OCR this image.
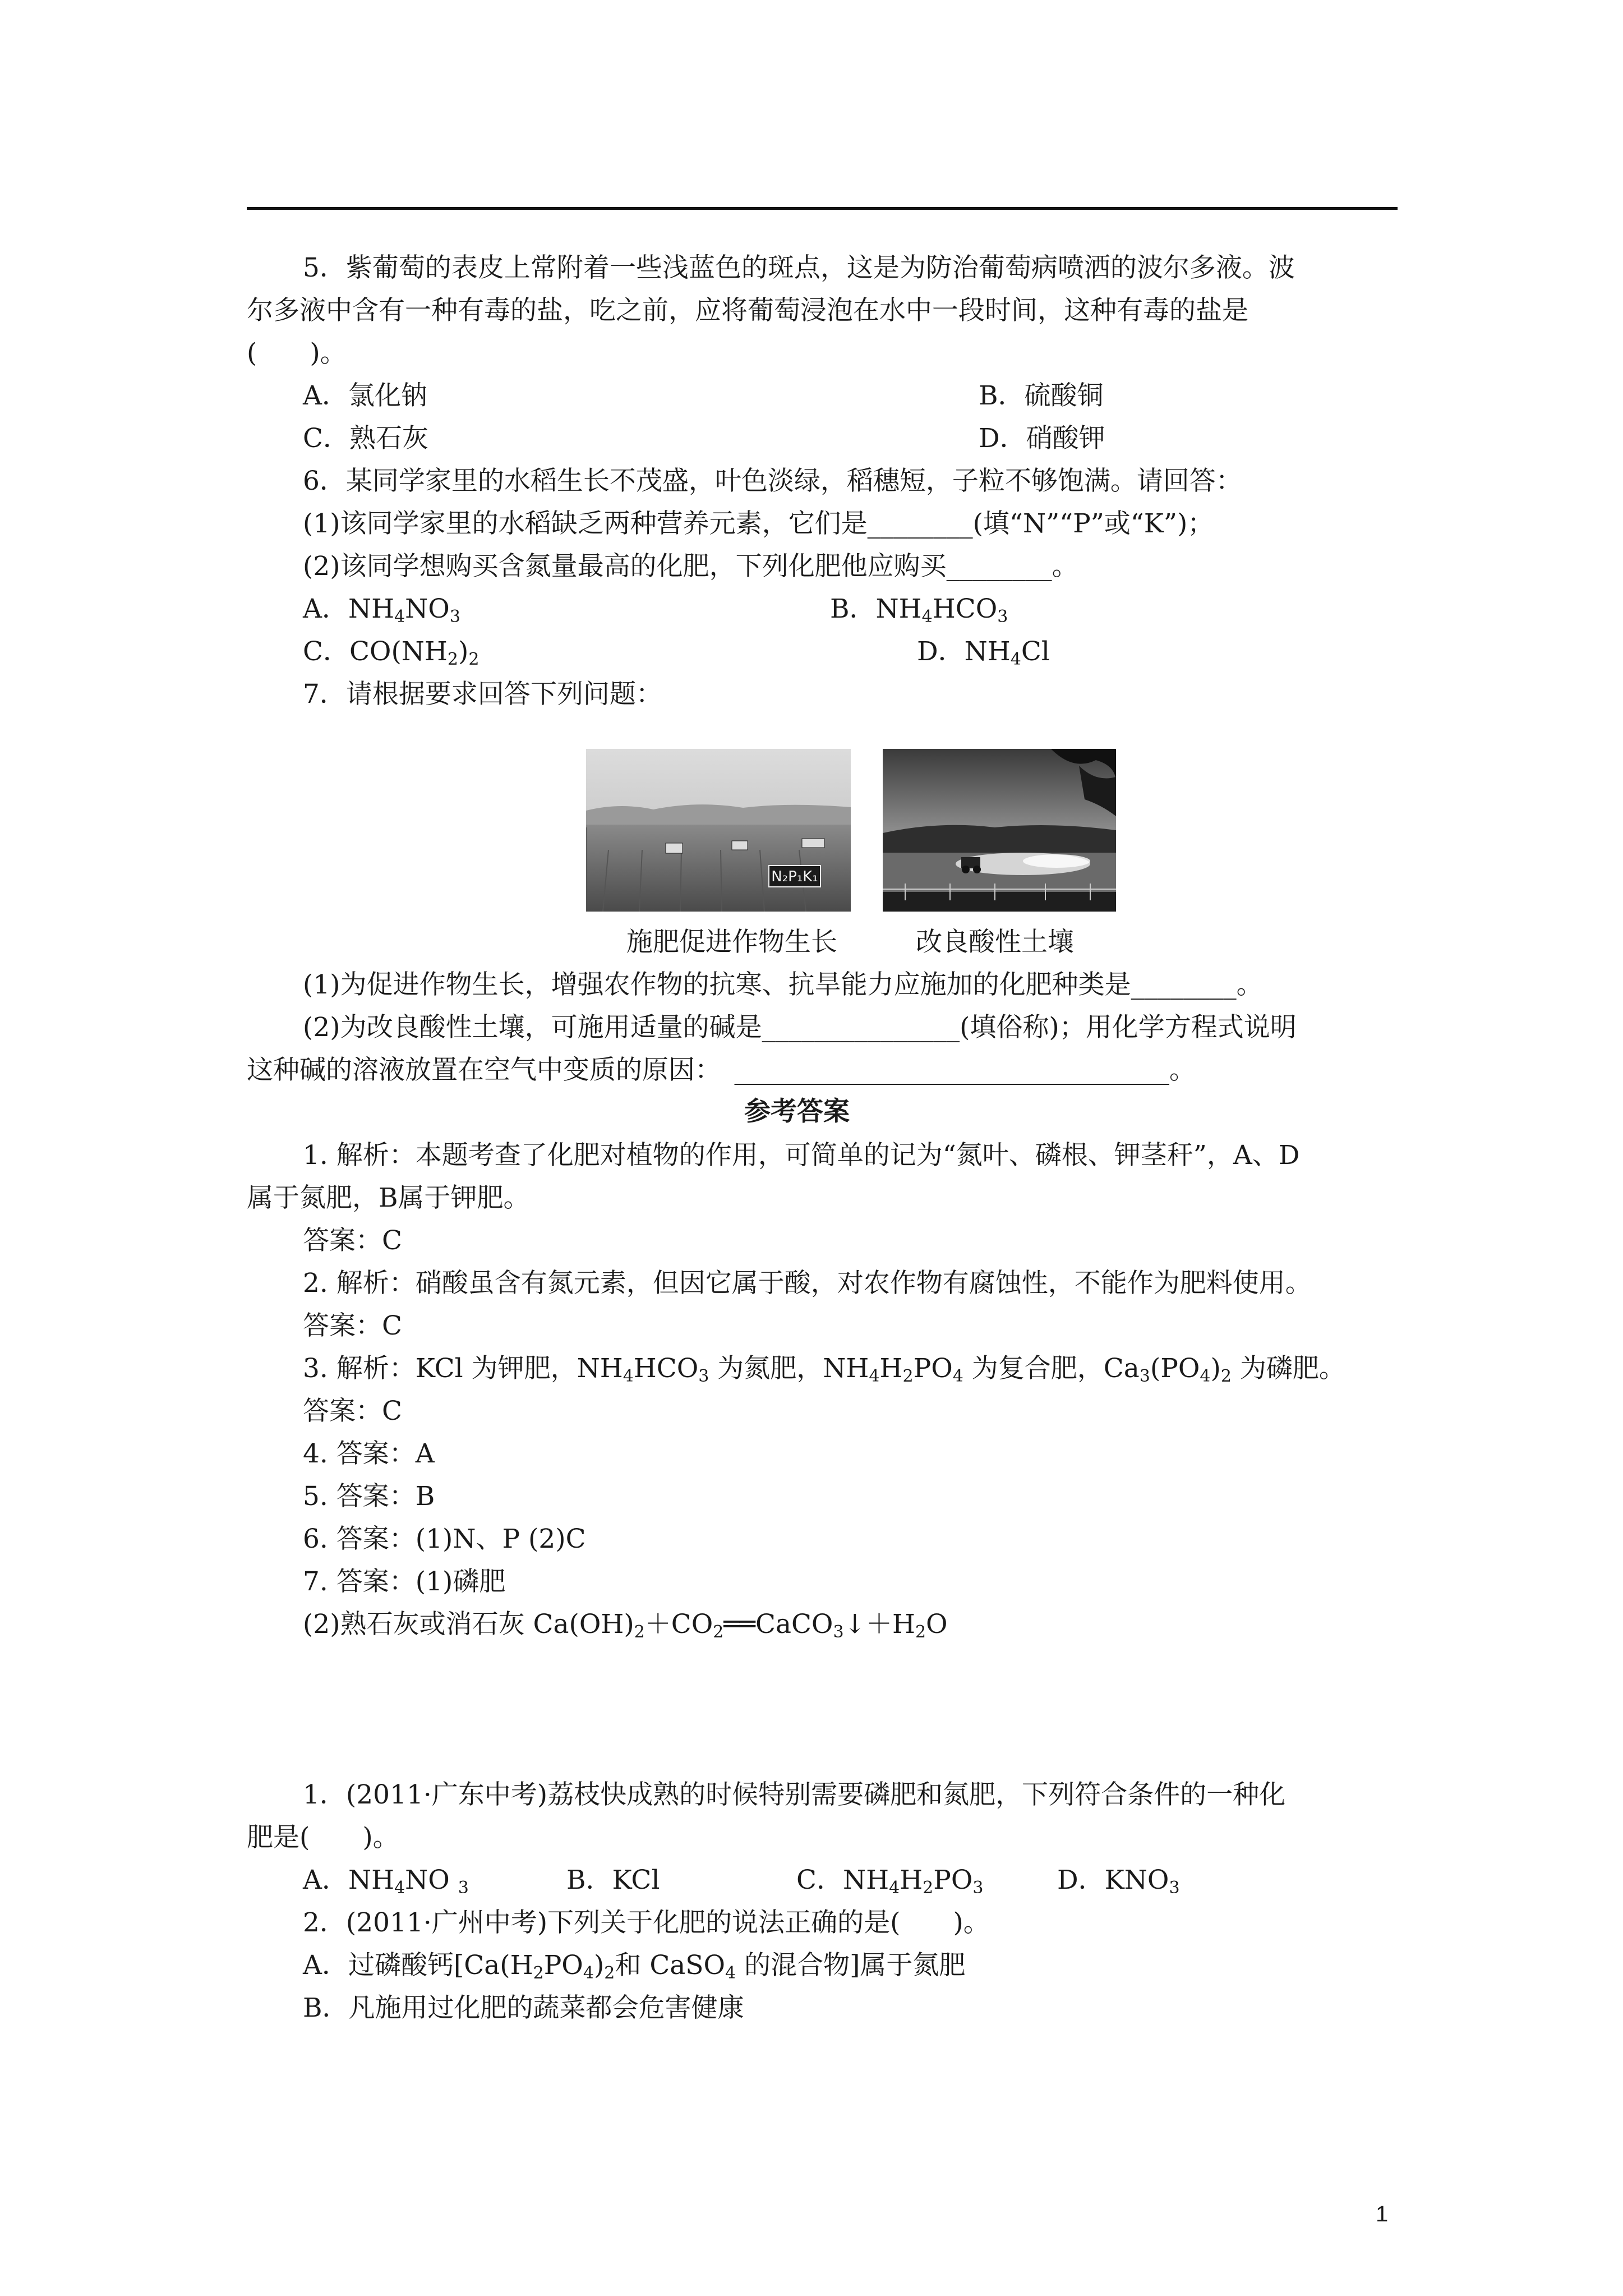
5．紫葡萄的表皮上常附着一些浅蓝色的斑点，这是为防治葡萄病喷洒的波尔多液。波
尔多液中含有一种有毒的盐，吃之前，应将葡萄浸泡在水中一段时间，这种有毒的盐是
(　　)。
A．氯化钠	B．硫酸铜
C．熟石灰	D．硝酸钾
6．某同学家里的水稻生长不茂盛，叶色淡绿，稻穗短，子粒不够饱满。请回答：
(1)该同学家里的水稻缺乏两种营养元素，它们是________(填“N”“P”或“K”)；
(2)该同学想购买含氮量最高的化肥，下列化肥他应购买________。
A．$NH_4NO_3$	B．$NH_4HCO_3$
C．$CO(NH_2)_2$	D．$NH_4Cl$
7．请根据要求回答下列问题：
N₂P₁K₁
施肥促进作物生长	改良酸性土壤
(1)为促进作物生长，增强农作物的抗寒、抗旱能力应施加的化肥种类是________。
(2)为改良酸性土壤，可施用适量的碱是_______________(填俗称)；用化学方程式说明
这种碱的溶液放置在空气中变质的原因：　_________________________________。
参考答案
1. 解析：本题考查了化肥对植物的作用，可简单的记为“氮叶、磷根、钾茎秆”，A、D
属于氮肥，B属于钾肥。
答案：C
2. 解析：硝酸虽含有氮元素，但因它属于酸，对农作物有腐蚀性，不能作为肥料使用。
答案：C
3. 解析：KCl 为钾肥，$NH_4HCO_3$ 为氮肥，$NH_4H_2PO_4$ 为复合肥，$Ca_3(PO_4)_2$ 为磷肥。
答案：C
4. 答案：A
5. 答案：B
6. 答案：(1)N、P (2)C
7. 答案：(1)磷肥
(2)熟石灰或消石灰 $Ca(OH)_2+CO_2══CaCO_3↓+H_2O$
1．(2011·广东中考)荔枝快成熟的时候特别需要磷肥和氮肥，下列符合条件的一种化
肥是(　　)。
A．$NH_4NO$ $_3$	B．KCl	C．$NH_4H_2PO_3$	D．$KNO_3$
2．(2011·广州中考)下列关于化肥的说法正确的是(　　)。
A．过磷酸钙[$Ca(H_2PO_4)_2$和 CaSO$_4$ 的混合物]属于氮肥
B．凡施用过化肥的蔬菜都会危害健康
1
